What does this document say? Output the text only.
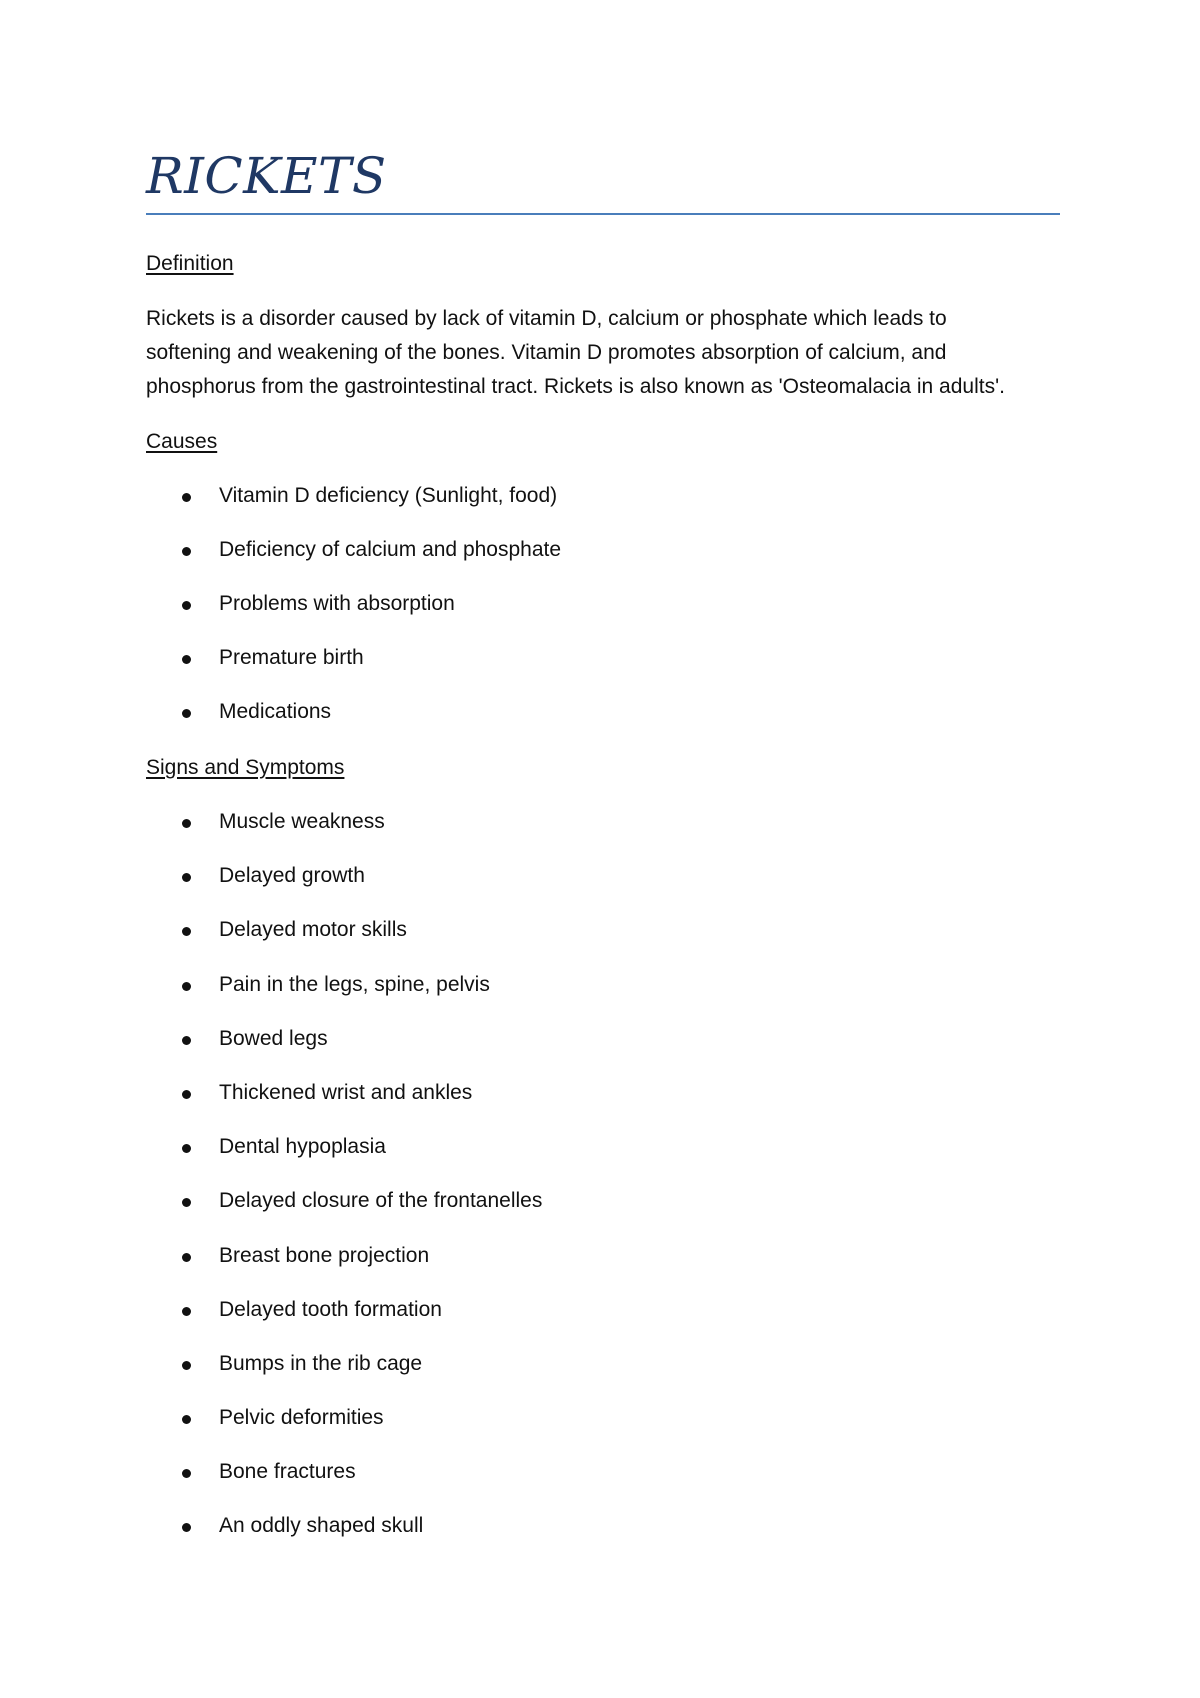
RICKETS
Definition

Rickets is a disorder caused by lack of vitamin D, calcium or phosphate which leads to

softening and weakening of the bones. Vitamin D promotes absorption of calcium, and

phosphorus from the gastrointestinal tract. Rickets is also known as 'Osteomalacia in adults'.

Causes
Vitamin D deficiency (Sunlight, food)
Deficiency of calcium and phosphate
Problems with absorption
Premature birth
Medications
Signs and Symptoms
Muscle weakness
Delayed growth
Delayed motor skills
Pain in the legs, spine, pelvis
Bowed legs
Thickened wrist and ankles
Dental hypoplasia
Delayed closure of the frontanelles
Breast bone projection
Delayed tooth formation
Bumps in the rib cage
Pelvic deformities
Bone fractures
An oddly shaped skull
